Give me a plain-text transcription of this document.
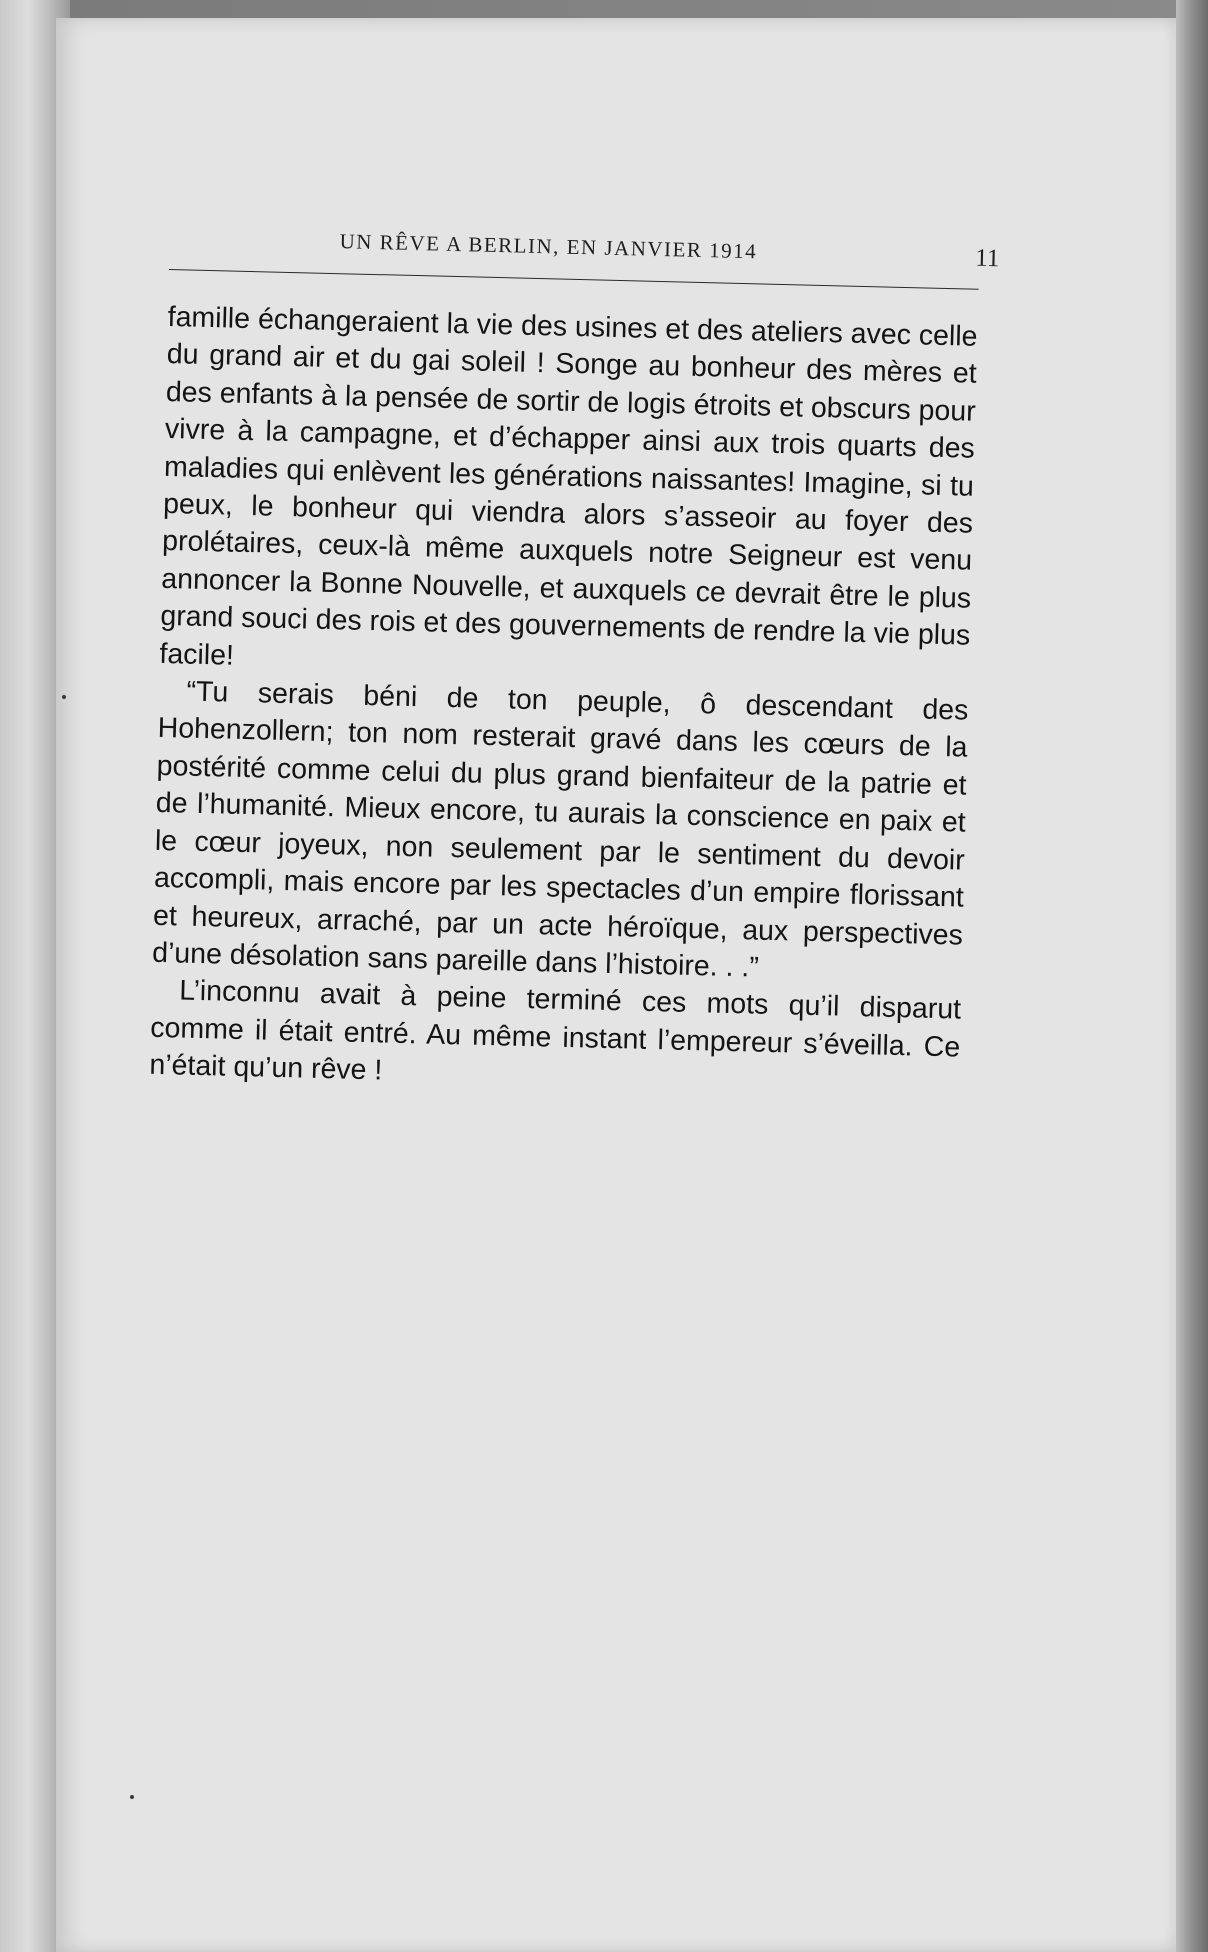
UN RÊVE A BERLIN, EN JANVIER 1914	11

famille échangeraient la vie des usines et des ateliers avec celle du grand air et du gai soleil ! Songe au bonheur des mères et des enfants à la pensée de sortir de logis étroits et obscurs pour vivre à la campagne, et d’échapper ainsi aux trois quarts des maladies qui enlèvent les générations naissantes! Imagine, si tu peux, le bonheur qui viendra alors s’asseoir au foyer des prolétaires, ceux-là même auxquels notre Seigneur est venu annoncer la Bonne Nouvelle, et auxquels ce devrait être le plus grand souci des rois et des gouvernements de rendre la vie plus facile!

“Tu serais béni de ton peuple, ô descendant des Hohenzollern; ton nom resterait gravé dans les cœurs de la postérité comme celui du plus grand bienfaiteur de la patrie et de l’humanité. Mieux encore, tu aurais la conscience en paix et le cœur joyeux, non seulement par le sentiment du devoir accompli, mais encore par les spectacles d’un empire florissant et heureux, arraché, par un acte héroïque, aux perspectives d’une désolation sans pareille dans l’histoire. . .”

L’inconnu avait à peine terminé ces mots qu’il disparut comme il était entré. Au même instant l’empereur s’éveilla. Ce n’était qu’un rêve !
